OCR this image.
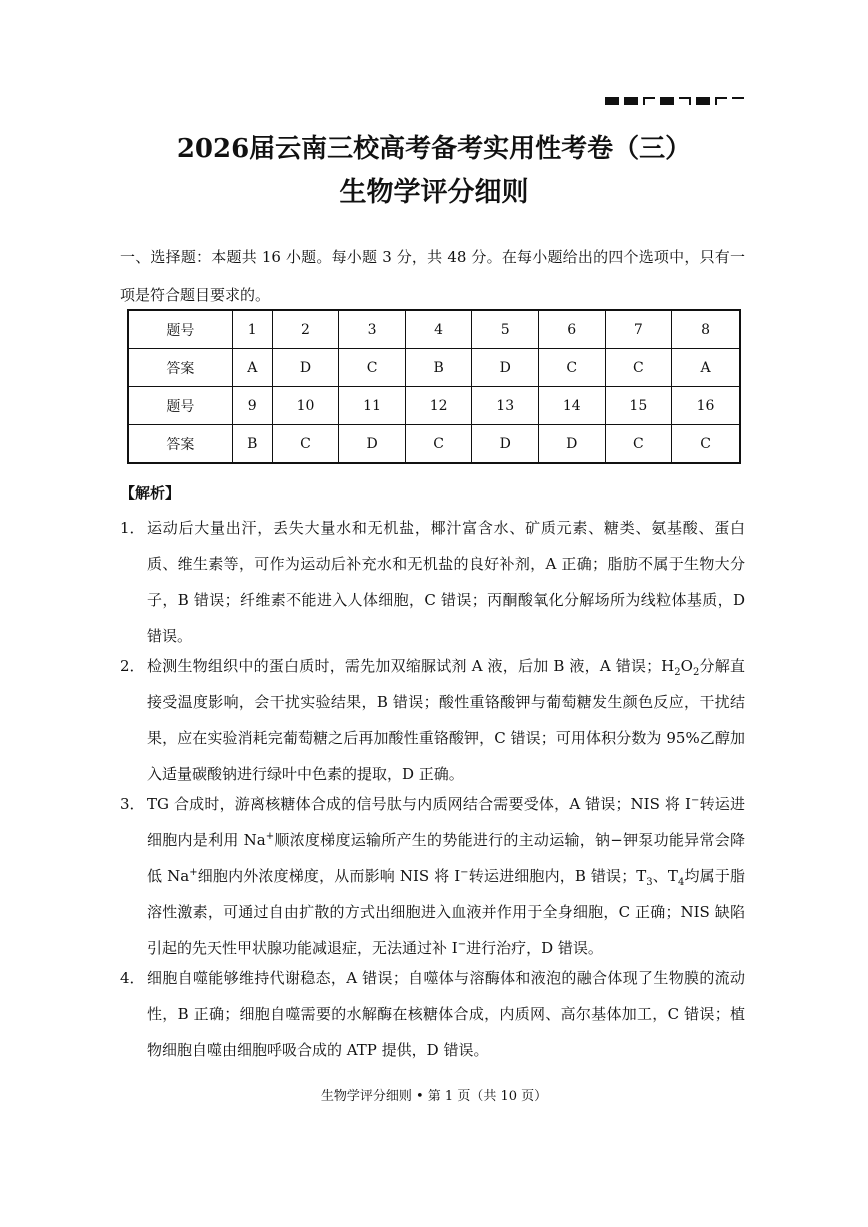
2026届云南三校高考备考实用性考卷（三）
生物学评分细则
一、选择题：本题共 16 小题。每小题 3 分，共 48 分。在每小题给出的四个选项中，只有一项是符合题目要求的。
题号	1	2	3	4	5	6	7	8
答案	A	D	C	B	D	C	C	A
题号	9	10	11	12	13	14	15	16
答案	B	C	D	C	D	D	C	C
【解析】
1． 运动后大量出汗，丢失大量水和无机盐，椰汁富含水、矿质元素、糖类、氨基酸、蛋白质、维生素等，可作为运动后补充水和无机盐的良好补剂，A 正确；脂肪不属于生物大分子，B 错误；纤维素不能进入人体细胞，C 错误；丙酮酸氧化分解场所为线粒体基质，D 错误。
2． 检测生物组织中的蛋白质时，需先加双缩脲试剂 A 液，后加 B 液，A 错误；$H_2O_2$分解直接受温度影响，会干扰实验结果，B 错误；酸性重铬酸钾与葡萄糖发生颜色反应，干扰结果，应在实验消耗完葡萄糖之后再加酸性重铬酸钾，C 错误；可用体积分数为 95%乙醇加入适量碳酸钠进行绿叶中色素的提取，D 正确。
3． TG 合成时，游离核糖体合成的信号肽与内质网结合需要受体，A 错误；NIS 将 I−转运进细胞内是利用 Na+顺浓度梯度运输所产生的势能进行的主动运输，钠−钾泵功能异常会降低 Na+细胞内外浓度梯度，从而影响 NIS 将 I−转运进细胞内，B 错误；$T_3$、$T_4$均属于脂溶性激素，可通过自由扩散的方式出细胞进入血液并作用于全身细胞，C 正确；NIS 缺陷引起的先天性甲状腺功能减退症，无法通过补 I−进行治疗，D 错误。
4． 细胞自噬能够维持代谢稳态，A 错误；自噬体与溶酶体和液泡的融合体现了生物膜的流动性，B 正确；细胞自噬需要的水解酶在核糖体合成，内质网、高尔基体加工，C 错误；植物细胞自噬由细胞呼吸合成的 ATP 提供，D 错误。
生物学评分细则 • 第 1 页（共 10 页）
